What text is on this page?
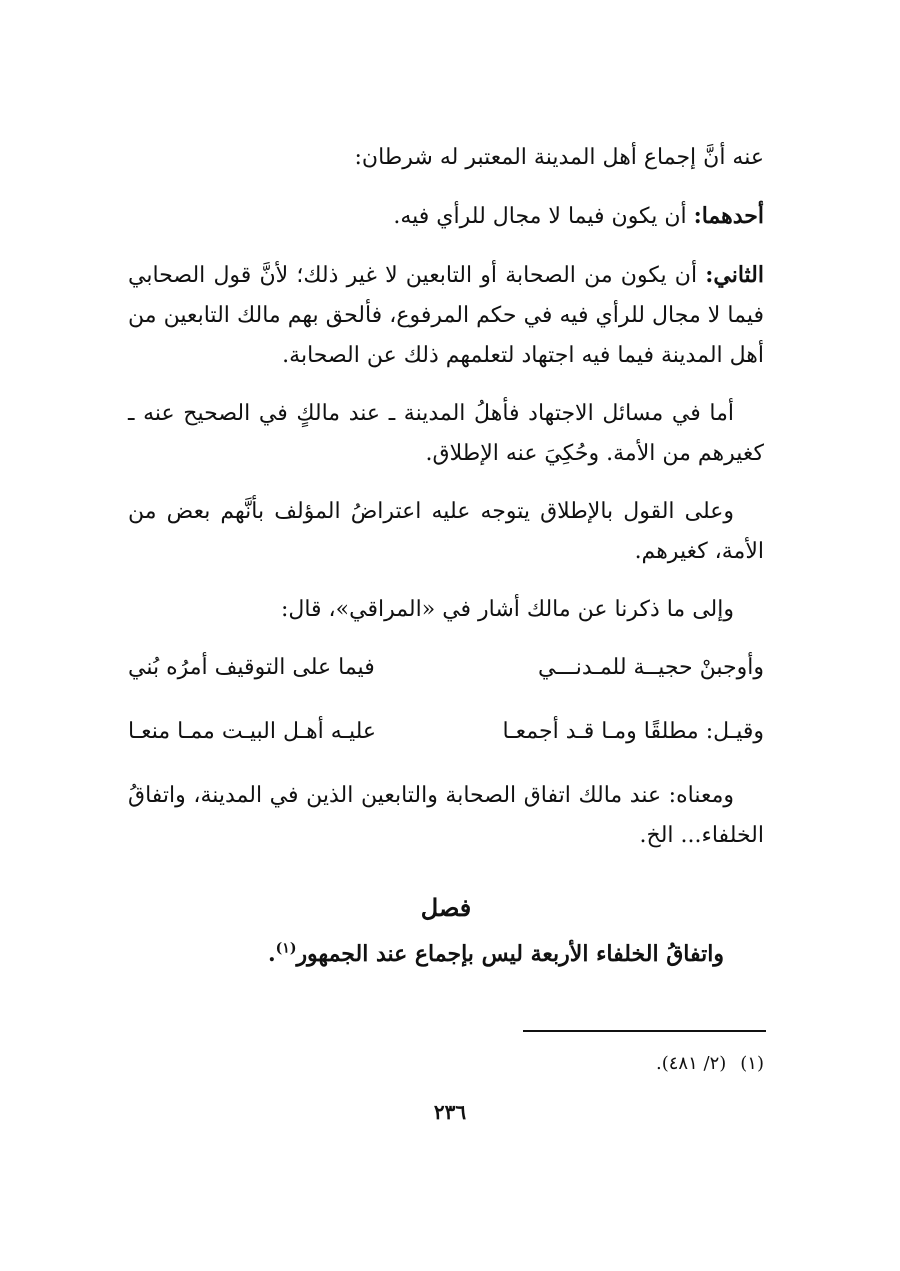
عنه أنَّ إجماع أهل المدينة المعتبر له شرطان:

أحدهما: أن يكون فيما لا مجال للرأي فيه.

الثاني: أن يكون من الصحابة أو التابعين لا غير ذلك؛ لأنَّ قول الصحابي فيما لا مجال للرأي فيه في حكم المرفوع، فألحق بهم مالك التابعين من أهل المدينة فيما فيه اجتهاد لتعلمهم ذلك عن الصحابة.

أما في مسائل الاجتهاد فأهلُ المدينة ـ عند مالكٍ في الصحيح عنه ـ كغيرهم من الأمة. وحُكِيَ عنه الإطلاق.

وعلى القول بالإطلاق يتوجه عليه اعتراضُ المؤلف بأنَّهم بعض من الأمة، كغيرهم.

وإلى ما ذكرنا عن مالك أشار في «المراقي»، قال:

وأوجبنْ حجيــة للمـدنـــي
فيما على التوقيف أمرُه بُني
وقيـل: مطلقًا ومـا قـد أجمعـا
عليـه أهـل البيـت ممـا منعـا

ومعناه: عند مالك اتفاق الصحابة والتابعين الذين في المدينة، واتفاقُ الخلفاء... الخ.

فصل

واتفاقُ الخلفاء الأربعة ليس بإجماع عند الجمهور$^{(١)}$.

(١)(٢/ ٤٨١).
٢٣٦
